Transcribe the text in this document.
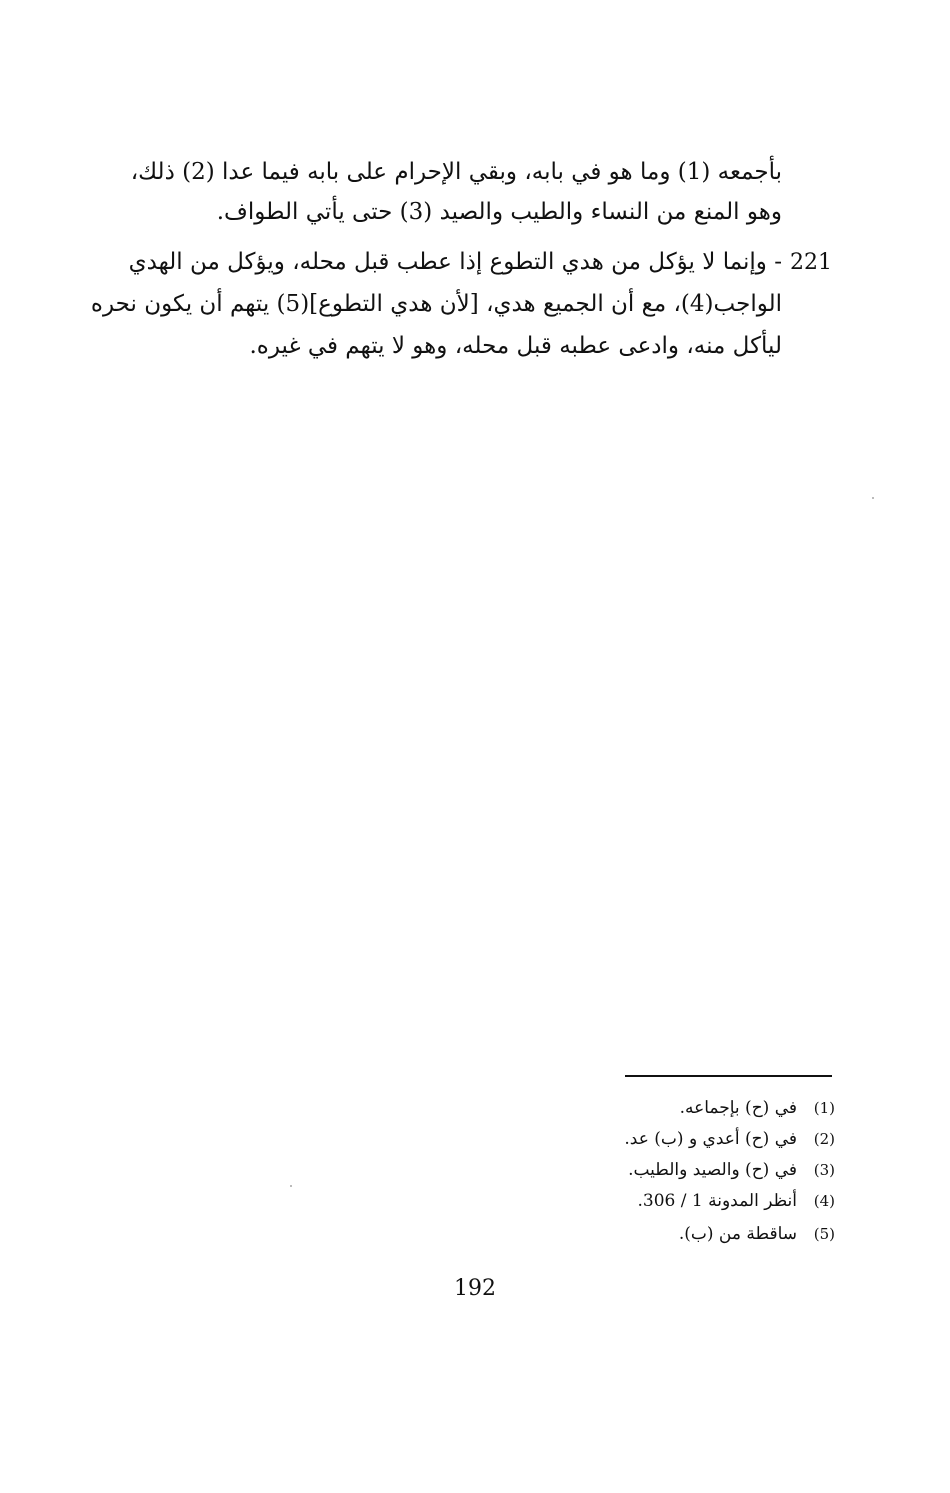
بأجمعه (1) وما هو في بابه، وبقي الإحرام على بابه فيما عدا (2) ذلك،
وهو المنع من النساء والطيب والصيد (3) حتى يأتي الطواف.
221- وإنما لا يؤكل من هدي التطوع إذا عطب قبل محله، ويؤكل من الهدي
الواجب(4)، مع أن الجميع هدي، [لأن هدي التطوع](5) يتهم أن يكون نحره
ليأكل منه، وادعى عطبه قبل محله، وهو لا يتهم في غيره.
(1)في (ح) بإجماعه.
(2)في (ح) أعدي و (ب) عد.
(3)في (ح) والصيد والطيب.
(4)أنظر المدونة 1 / 306.
(5)ساقطة من (ب).
192
